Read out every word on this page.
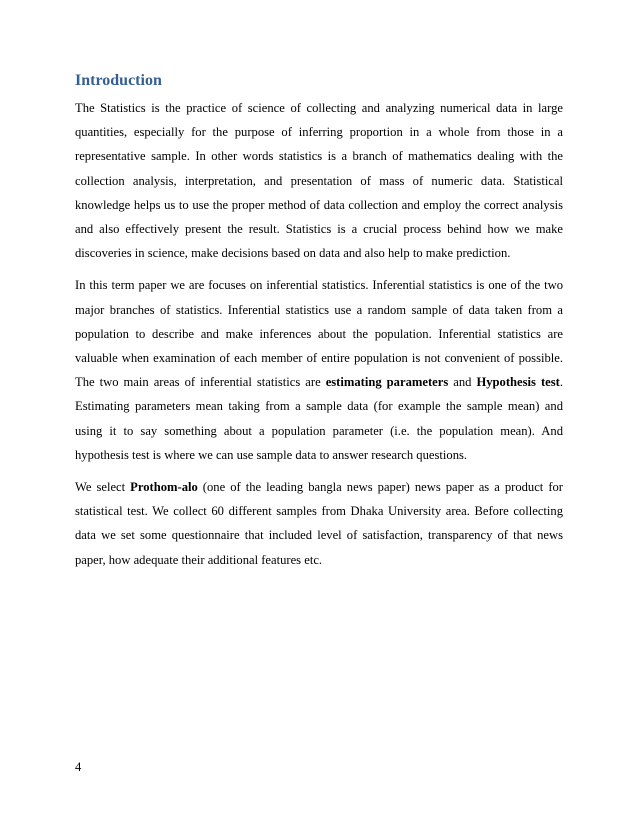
Introduction

The Statistics is the practice of science of collecting and analyzing numerical data in large quantities, especially for the purpose of inferring proportion in a whole from those in a representative sample. In other words statistics is a branch of mathematics dealing with the collection analysis, interpretation, and presentation of mass of numeric data. Statistical knowledge helps us to use the proper method of data collection and employ the correct analysis and also effectively present the result. Statistics is a crucial process behind how we make discoveries in science, make decisions based on data and also help to make prediction.

In this term paper we are focuses on inferential statistics. Inferential statistics is one of the two major branches of statistics. Inferential statistics use a random sample of data taken from a population to describe and make inferences about the population. Inferential statistics are valuable when examination of each member of entire population is not convenient of possible. The two main areas of inferential statistics are estimating parameters and Hypothesis test. Estimating parameters mean taking from a sample data (for example the sample mean) and using it to say something about a population parameter (i.e. the population mean). And hypothesis test is where we can use sample data to answer research questions.

We select Prothom-alo (one of the leading bangla news paper) news paper as a product for statistical test. We collect 60 different samples from Dhaka University area. Before collecting data we set some questionnaire that included level of satisfaction, transparency of that news paper, how adequate their additional features etc.

4
